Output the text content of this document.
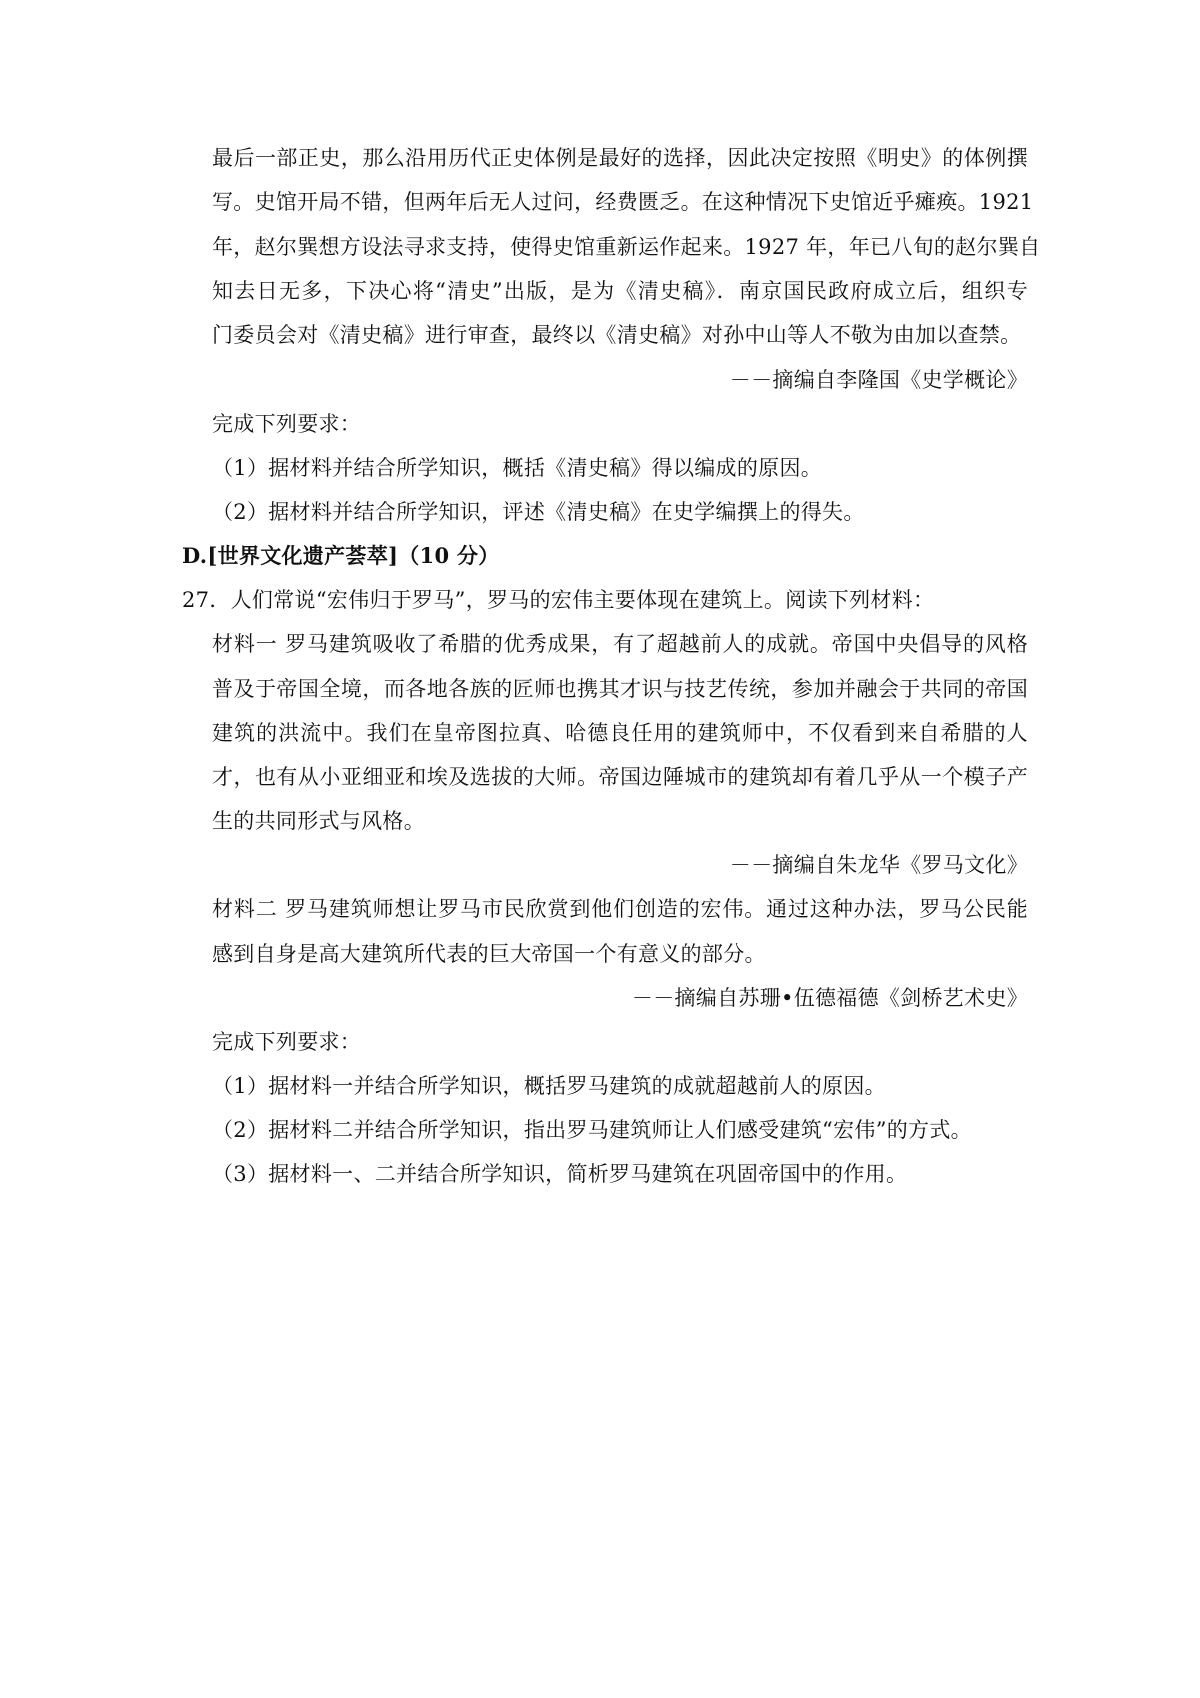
最后一部正史，那么沿用历代正史体例是最好的选择，因此决定按照《明史》的体例撰
写。史馆开局不错，但两年后无人过问，经费匮乏。在这种情况下史馆近乎瘫痪。1921
年，赵尔巽想方设法寻求支持，使得史馆重新运作起来。1927 年，年已八旬的赵尔巽自
知去日无多，下决心将“清史”出版，是为《清史稿》．南京国民政府成立后，组织专
门委员会对《清史稿》进行审查，最终以《清史稿》对孙中山等人不敬为由加以查禁。
－－摘编自李隆国《史学概论》
完成下列要求：
（1）据材料并结合所学知识，概括《清史稿》得以编成的原因。
（2）据材料并结合所学知识，评述《清史稿》在史学编撰上的得失。
D.[世界文化遗产荟萃]（10 分）
27．人们常说“宏伟归于罗马”，罗马的宏伟主要体现在建筑上。阅读下列材料：
材料一 罗马建筑吸收了希腊的优秀成果，有了超越前人的成就。帝国中央倡导的风格
普及于帝国全境，而各地各族的匠师也携其才识与技艺传统，参加并融会于共同的帝国
建筑的洪流中。我们在皇帝图拉真、哈德良任用的建筑师中，不仅看到来自希腊的人
才，也有从小亚细亚和埃及选拔的大师。帝国边陲城市的建筑却有着几乎从一个模子产
生的共同形式与风格。
－－摘编自朱龙华《罗马文化》
材料二 罗马建筑师想让罗马市民欣赏到他们创造的宏伟。通过这种办法，罗马公民能
感到自身是高大建筑所代表的巨大帝国一个有意义的部分。
－－摘编自苏珊•伍德福德《剑桥艺术史》
完成下列要求：
（1）据材料一并结合所学知识，概括罗马建筑的成就超越前人的原因。
（2）据材料二并结合所学知识，指出罗马建筑师让人们感受建筑“宏伟”的方式。
（3）据材料一、二并结合所学知识，简析罗马建筑在巩固帝国中的作用。
